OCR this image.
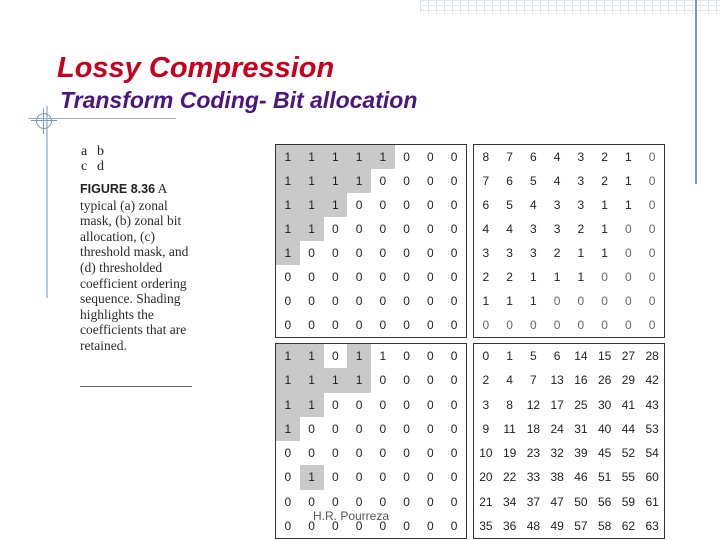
Lossy Compression
Transform Coding- Bit allocation
a b
c d
FIGURE 8.36 A typical (a) zonal mask, (b) zonal bit allocation, (c) threshold mask, and (d) thresholded coefficient ordering sequence. Shading highlights the coefficients that are retained.
1	1	1	1	1	0	0	0
1	1	1	1	0	0	0	0
1	1	1	0	0	0	0	0
1	1	0	0	0	0	0	0
1	0	0	0	0	0	0	0
0	0	0	0	0	0	0	0
0	0	0	0	0	0	0	0
0	0	0	0	0	0	0	0
8	7	6	4	3	2	1	0
7	6	5	4	3	2	1	0
6	5	4	3	3	1	1	0
4	4	3	3	2	1	0	0
3	3	3	2	1	1	0	0
2	2	1	1	1	0	0	0
1	1	1	0	0	0	0	0
0	0	0	0	0	0	0	0
1	1	0	1	1	0	0	0
1	1	1	1	0	0	0	0
1	1	0	0	0	0	0	0
1	0	0	0	0	0	0	0
0	0	0	0	0	0	0	0
0	1	0	0	0	0	0	0
0	0	0	0	0	0	0	0
0	0	0	0	0	0	0	0
0	1	5	6	14 15 27 28
2	4	7	13 16 26 29 42
3	8	12 17 25 30 41 43
9	11 18 24 31 40 44 53
10 19 23 32 39 45 52 54
20 22 33 38 46 51 55 60
21 34 37 47 50 56 59 61
35 36 48 49 57 58 62 63
H.R. Pourreza
